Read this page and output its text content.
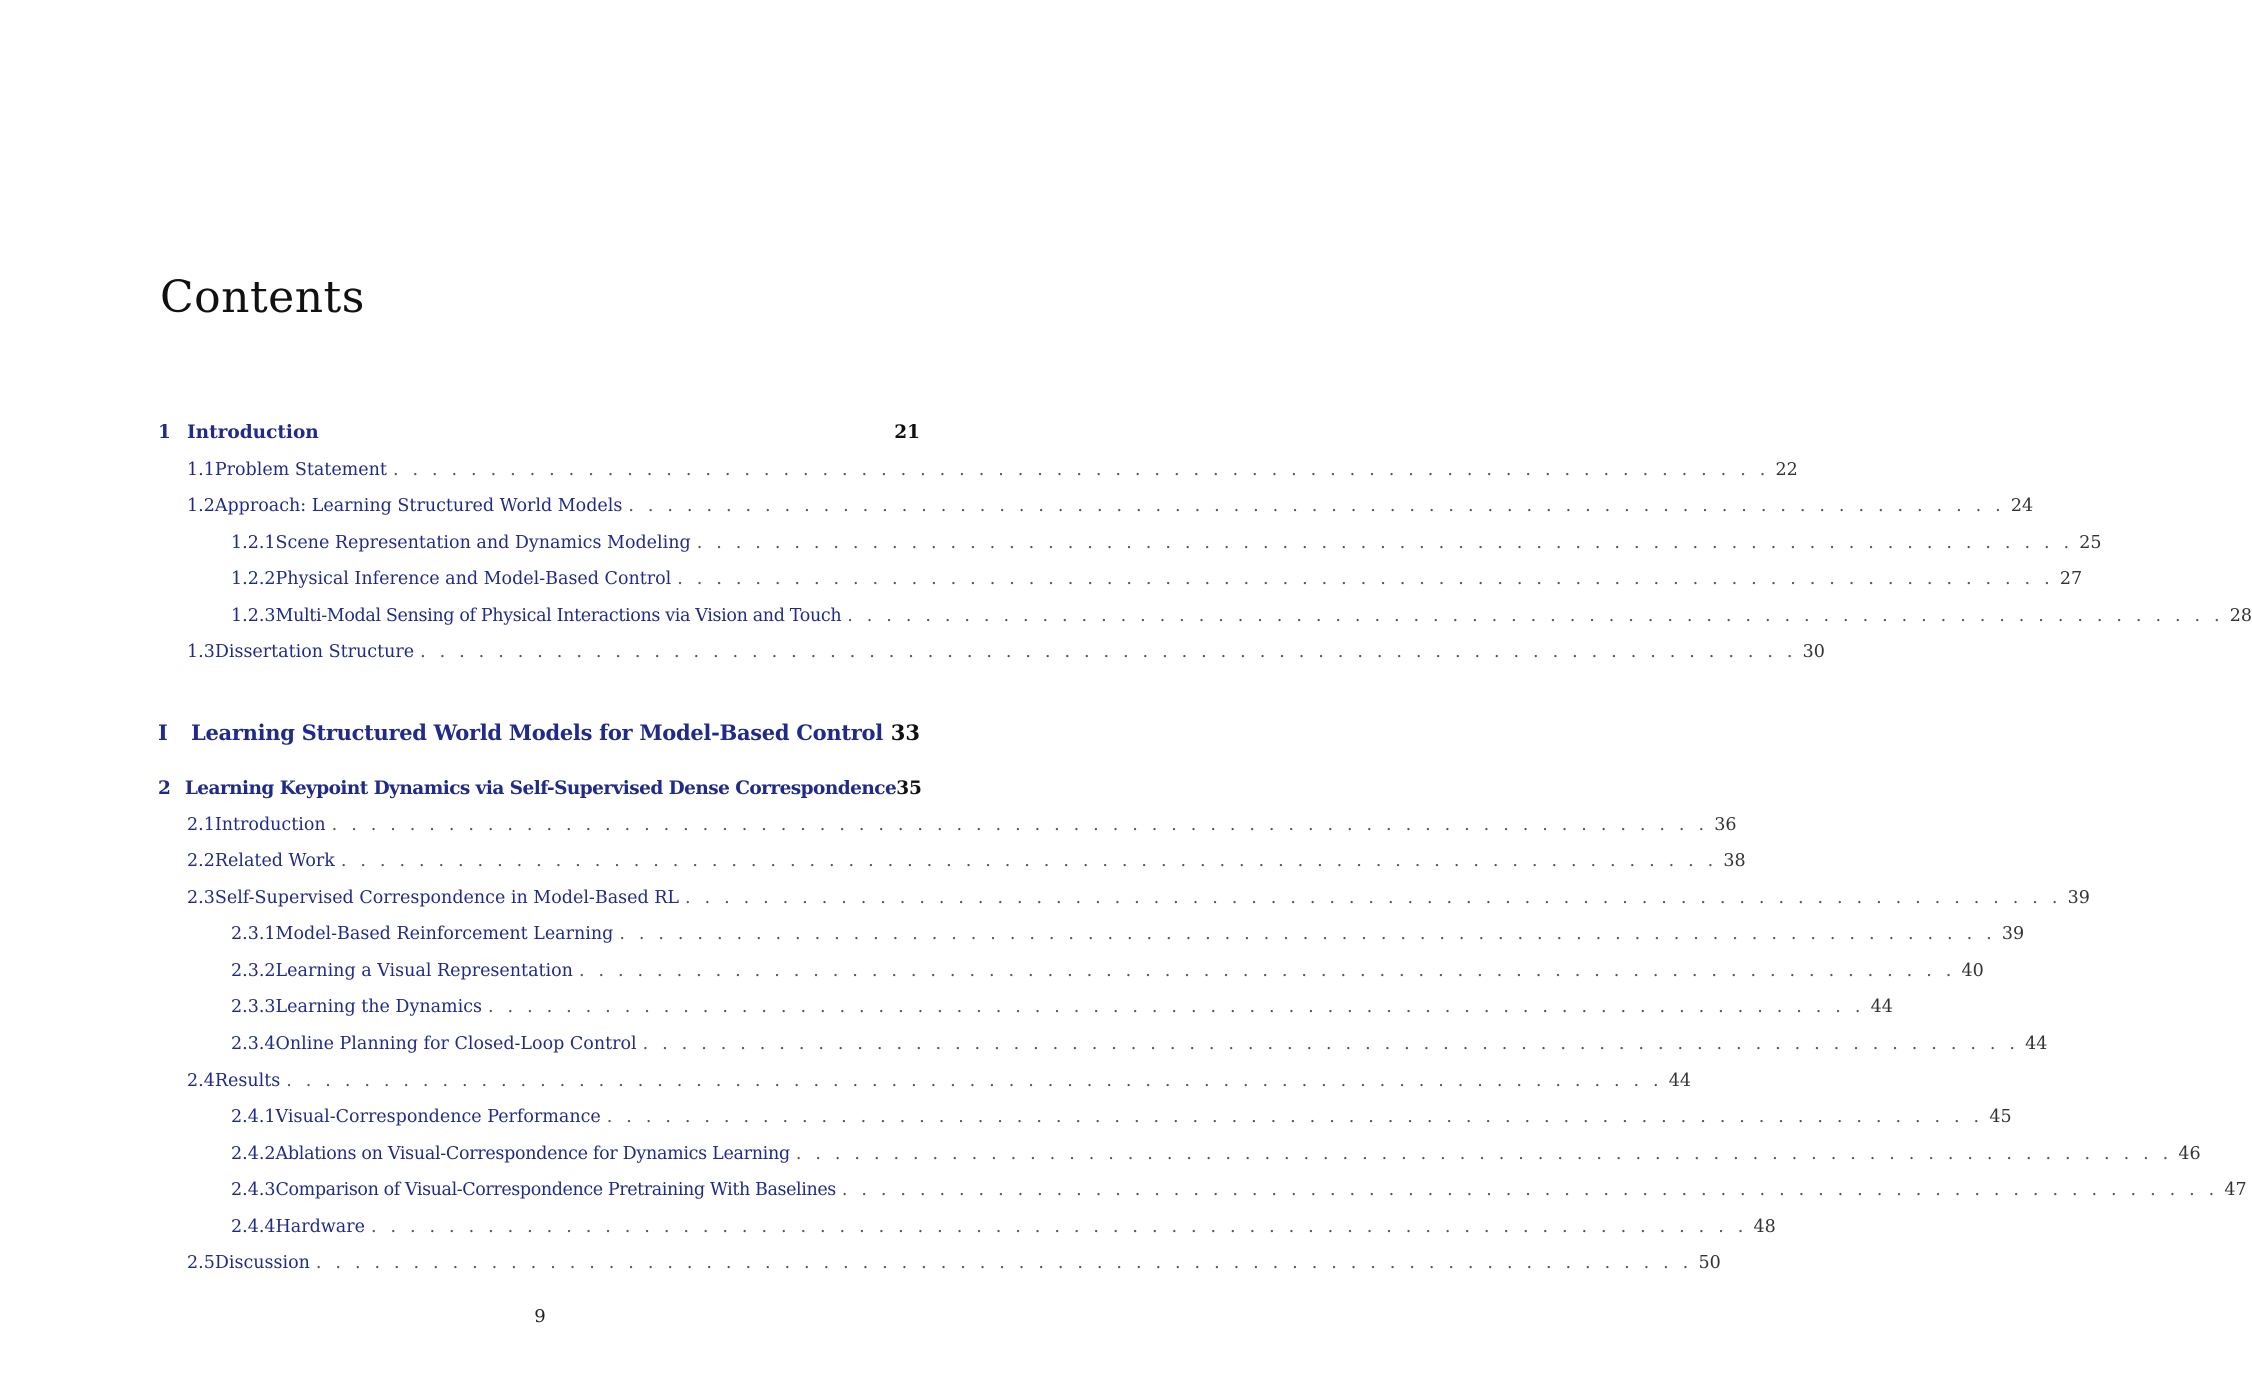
Contents
1 Introduction	21
1.1 Problem Statement . . . . . . . . . . . . . . . . . . . . . . . . . . . . . . . . . . . . . . . . . . . . . . . . . . . . . . . . . . . . . . . . . . . . . . . 22
1.2 Approach: Learning Structured World Models . . . . . . . . . . . . . . . . . . . . . . . . . . . . . . . . . . . . . . . . . . . . . . . . . . . . . . . . . . . . . . . . . . . . . . . 24
1.2.1 Scene Representation and Dynamics Modeling . . . . . . . . . . . . . . . . . . . . . . . . . . . . . . . . . . . . . . . . . . . . . . . . . . . . . . . . . . . . . . . . . . . . . . . 25
1.2.2 Physical Inference and Model-Based Control . . . . . . . . . . . . . . . . . . . . . . . . . . . . . . . . . . . . . . . . . . . . . . . . . . . . . . . . . . . . . . . . . . . . . . . 27
1.2.3 Multi-Modal Sensing of Physical Interactions via Vision and Touch . . . . . . . . . . . . . . . . . . . . . . . . . . . . . . . . . . . . . . . . . . . . . . . . . . . . . . . . . . . . . . . . . . . . . . . 28
1.3 Dissertation Structure . . . . . . . . . . . . . . . . . . . . . . . . . . . . . . . . . . . . . . . . . . . . . . . . . . . . . . . . . . . . . . . . . . . . . . . 30
I	Learning Structured World Models for Model-Based Control 33
2 Learning Keypoint Dynamics via Self-Supervised Dense Correspondence 35
2.1 Introduction . . . . . . . . . . . . . . . . . . . . . . . . . . . . . . . . . . . . . . . . . . . . . . . . . . . . . . . . . . . . . . . . . . . . . . . 36
2.2 Related Work . . . . . . . . . . . . . . . . . . . . . . . . . . . . . . . . . . . . . . . . . . . . . . . . . . . . . . . . . . . . . . . . . . . . . . . 38
2.3 Self-Supervised Correspondence in Model-Based RL . . . . . . . . . . . . . . . . . . . . . . . . . . . . . . . . . . . . . . . . . . . . . . . . . . . . . . . . . . . . . . . . . . . . . . . 39
2.3.1 Model-Based Reinforcement Learning . . . . . . . . . . . . . . . . . . . . . . . . . . . . . . . . . . . . . . . . . . . . . . . . . . . . . . . . . . . . . . . . . . . . . . . 39
2.3.2 Learning a Visual Representation . . . . . . . . . . . . . . . . . . . . . . . . . . . . . . . . . . . . . . . . . . . . . . . . . . . . . . . . . . . . . . . . . . . . . . . 40
2.3.3 Learning the Dynamics . . . . . . . . . . . . . . . . . . . . . . . . . . . . . . . . . . . . . . . . . . . . . . . . . . . . . . . . . . . . . . . . . . . . . . . 44
2.3.4 Online Planning for Closed-Loop Control . . . . . . . . . . . . . . . . . . . . . . . . . . . . . . . . . . . . . . . . . . . . . . . . . . . . . . . . . . . . . . . . . . . . . . . 44
2.4 Results . . . . . . . . . . . . . . . . . . . . . . . . . . . . . . . . . . . . . . . . . . . . . . . . . . . . . . . . . . . . . . . . . . . . . . . 44
2.4.1 Visual-Correspondence Performance . . . . . . . . . . . . . . . . . . . . . . . . . . . . . . . . . . . . . . . . . . . . . . . . . . . . . . . . . . . . . . . . . . . . . . . 45
2.4.2 Ablations on Visual-Correspondence for Dynamics Learning . . . . . . . . . . . . . . . . . . . . . . . . . . . . . . . . . . . . . . . . . . . . . . . . . . . . . . . . . . . . . . . . . . . . . . . 46
2.4.3 Comparison of Visual-Correspondence Pretraining With Baselines . . . . . . . . . . . . . . . . . . . . . . . . . . . . . . . . . . . . . . . . . . . . . . . . . . . . . . . . . . . . . . . . . . . . . . . 47
2.4.4 Hardware . . . . . . . . . . . . . . . . . . . . . . . . . . . . . . . . . . . . . . . . . . . . . . . . . . . . . . . . . . . . . . . . . . . . . . . 48
2.5 Discussion . . . . . . . . . . . . . . . . . . . . . . . . . . . . . . . . . . . . . . . . . . . . . . . . . . . . . . . . . . . . . . . . . . . . . . . 50
9
